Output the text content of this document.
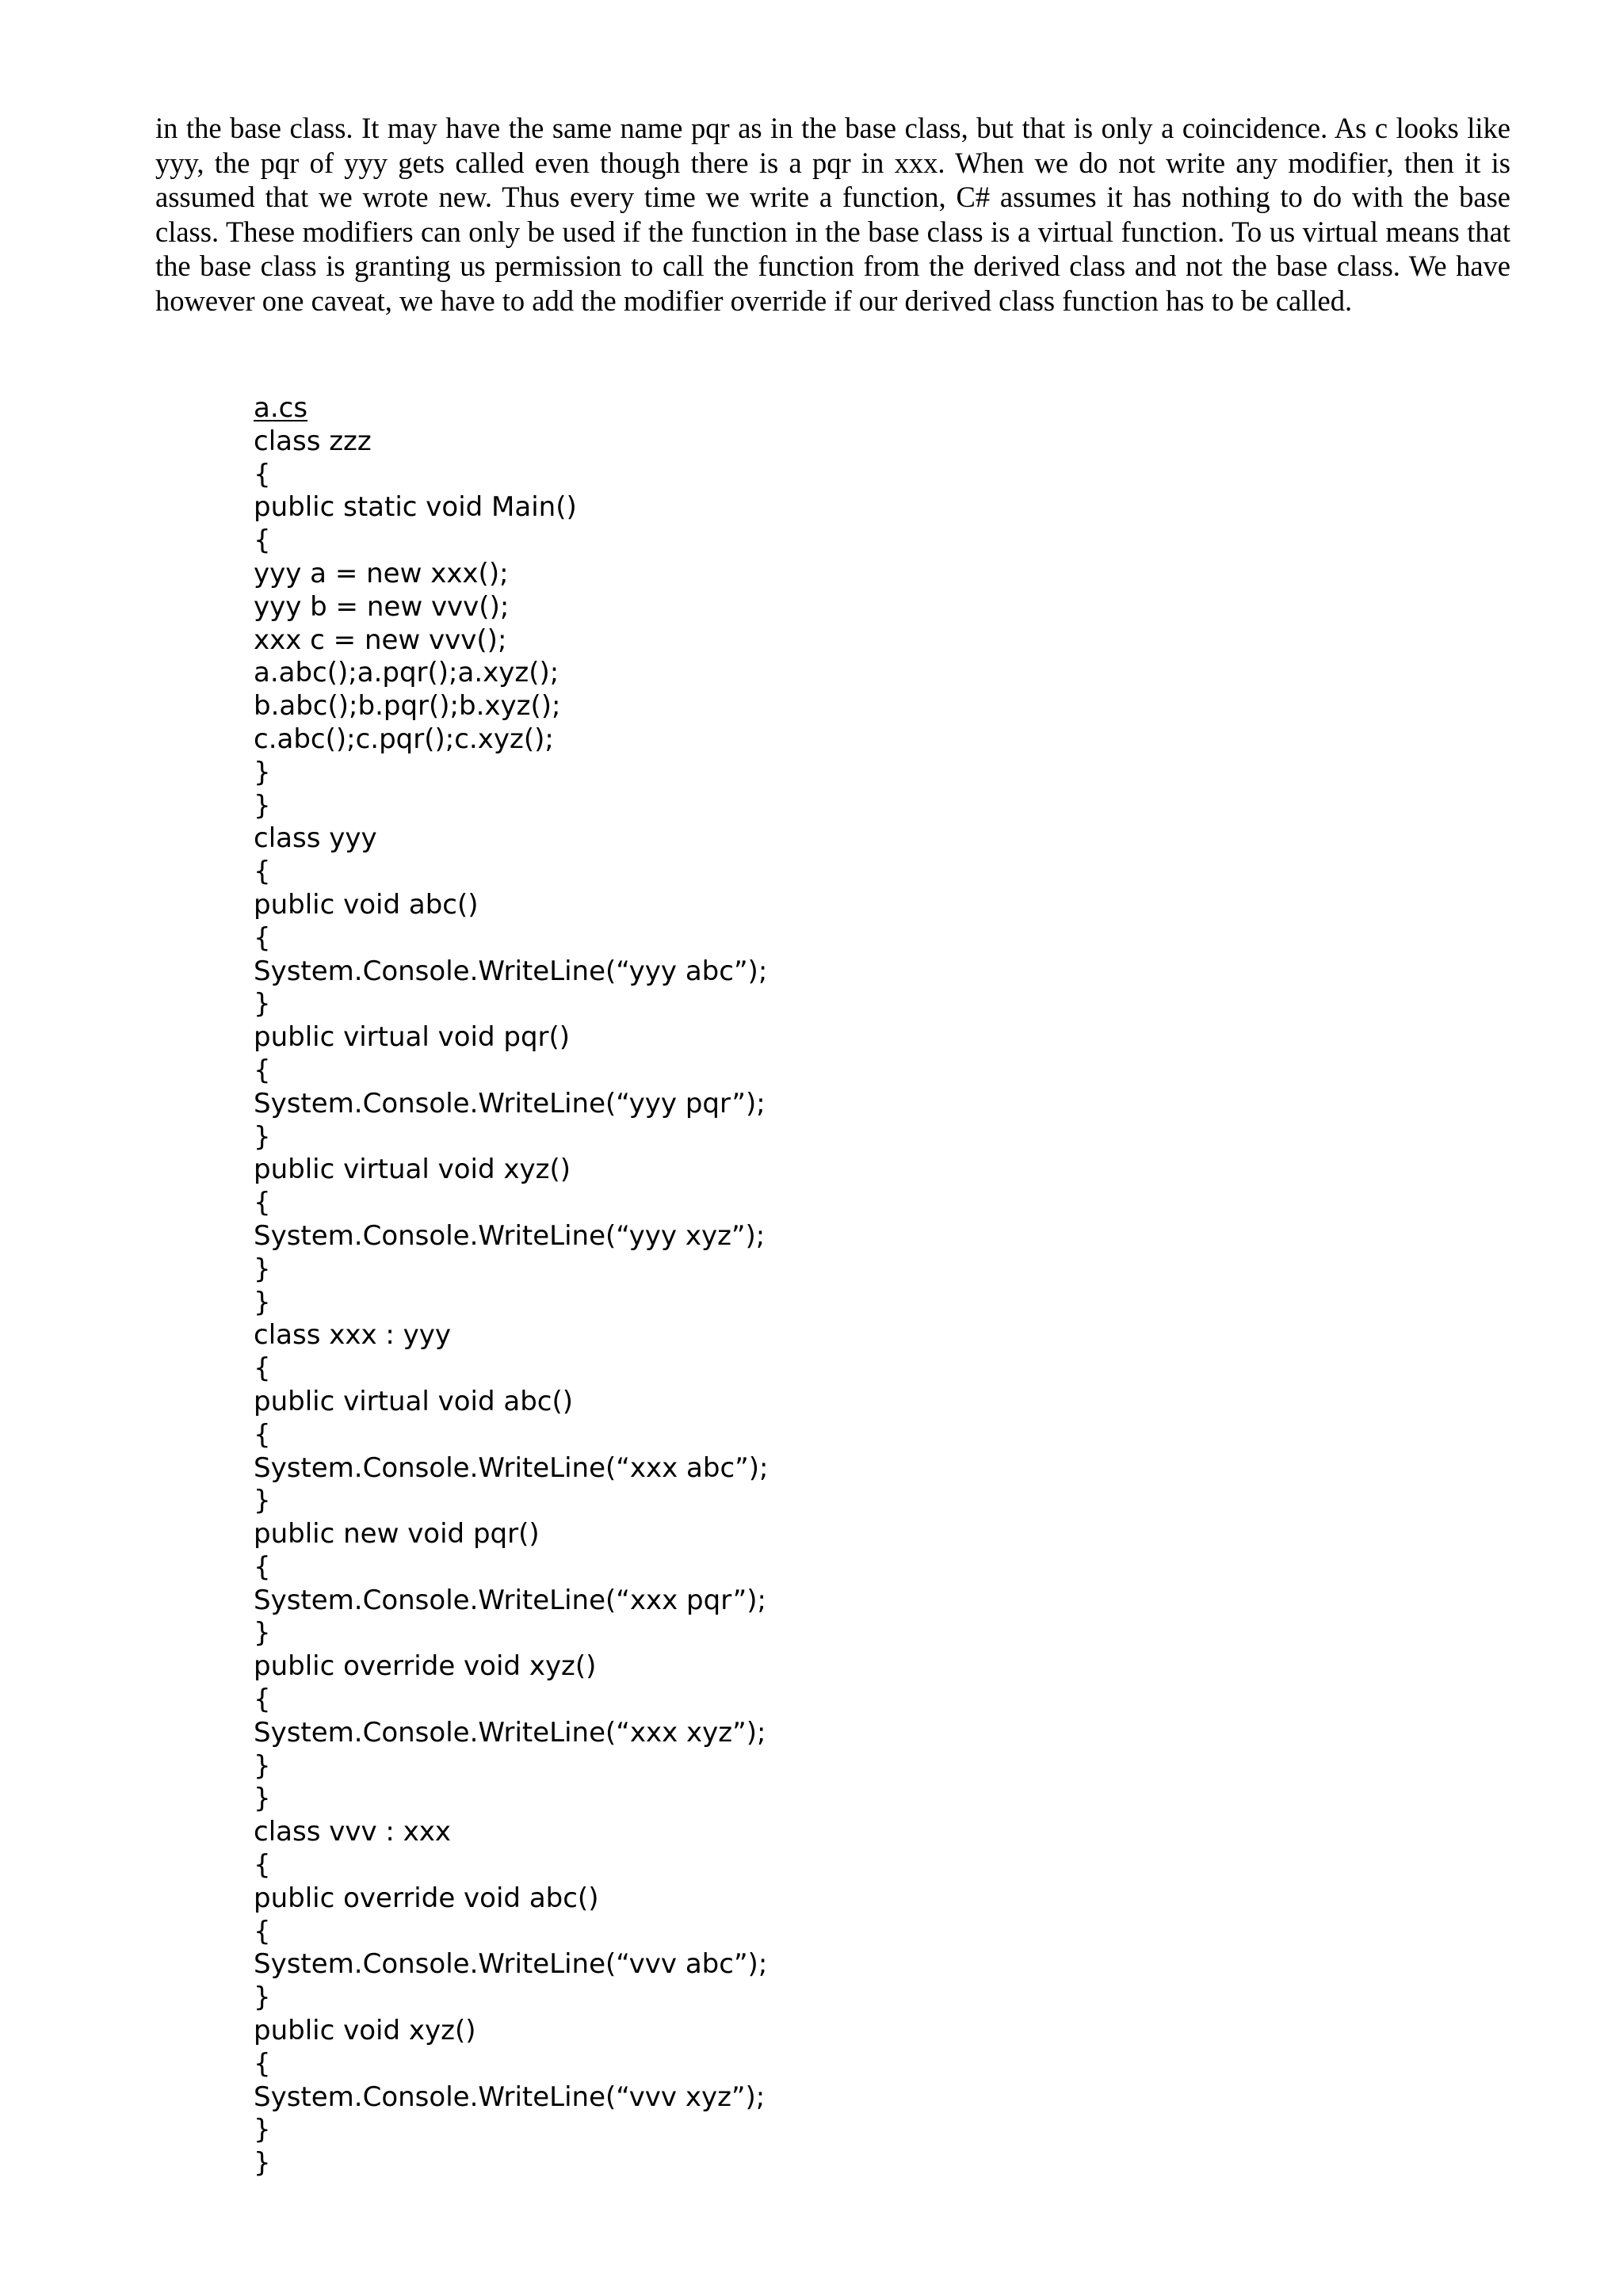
in the base class. It may have the same name pqr as in the base class, but that is only a coincidence. As c looks like yyy, the pqr of yyy gets called even though there is a pqr in xxx. When we do not write any modifier, then it is assumed that we wrote new. Thus every time we write a function, C# assumes it has nothing to do with the base class. These modifiers can only be used if the function in the base class is a virtual function. To us virtual means that the base class is granting us permission to call the function from the derived class and not the base class. We have however one caveat, we have to add the modifier override if our derived class function has to be called.

a.cs
class zzz
{
public static void Main()
{
yyy a = new xxx();
yyy b = new vvv();
xxx c = new vvv();
a.abc();a.pqr();a.xyz();
b.abc();b.pqr();b.xyz();
c.abc();c.pqr();c.xyz();
}
}
class yyy
{
public void abc()
{
System.Console.WriteLine(“yyy abc”);
}
public virtual void pqr()
{
System.Console.WriteLine(“yyy pqr”);
}
public virtual void xyz()
{
System.Console.WriteLine(“yyy xyz”);
}
}
class xxx : yyy
{
public virtual void abc()
{
System.Console.WriteLine(“xxx abc”);
}
public new void pqr()
{
System.Console.WriteLine(“xxx pqr”);
}
public override void xyz()
{
System.Console.WriteLine(“xxx xyz”);
}
}
class vvv : xxx
{
public override void abc()
{
System.Console.WriteLine(“vvv abc”);
}
public void xyz()
{
System.Console.WriteLine(“vvv xyz”);
}
}
